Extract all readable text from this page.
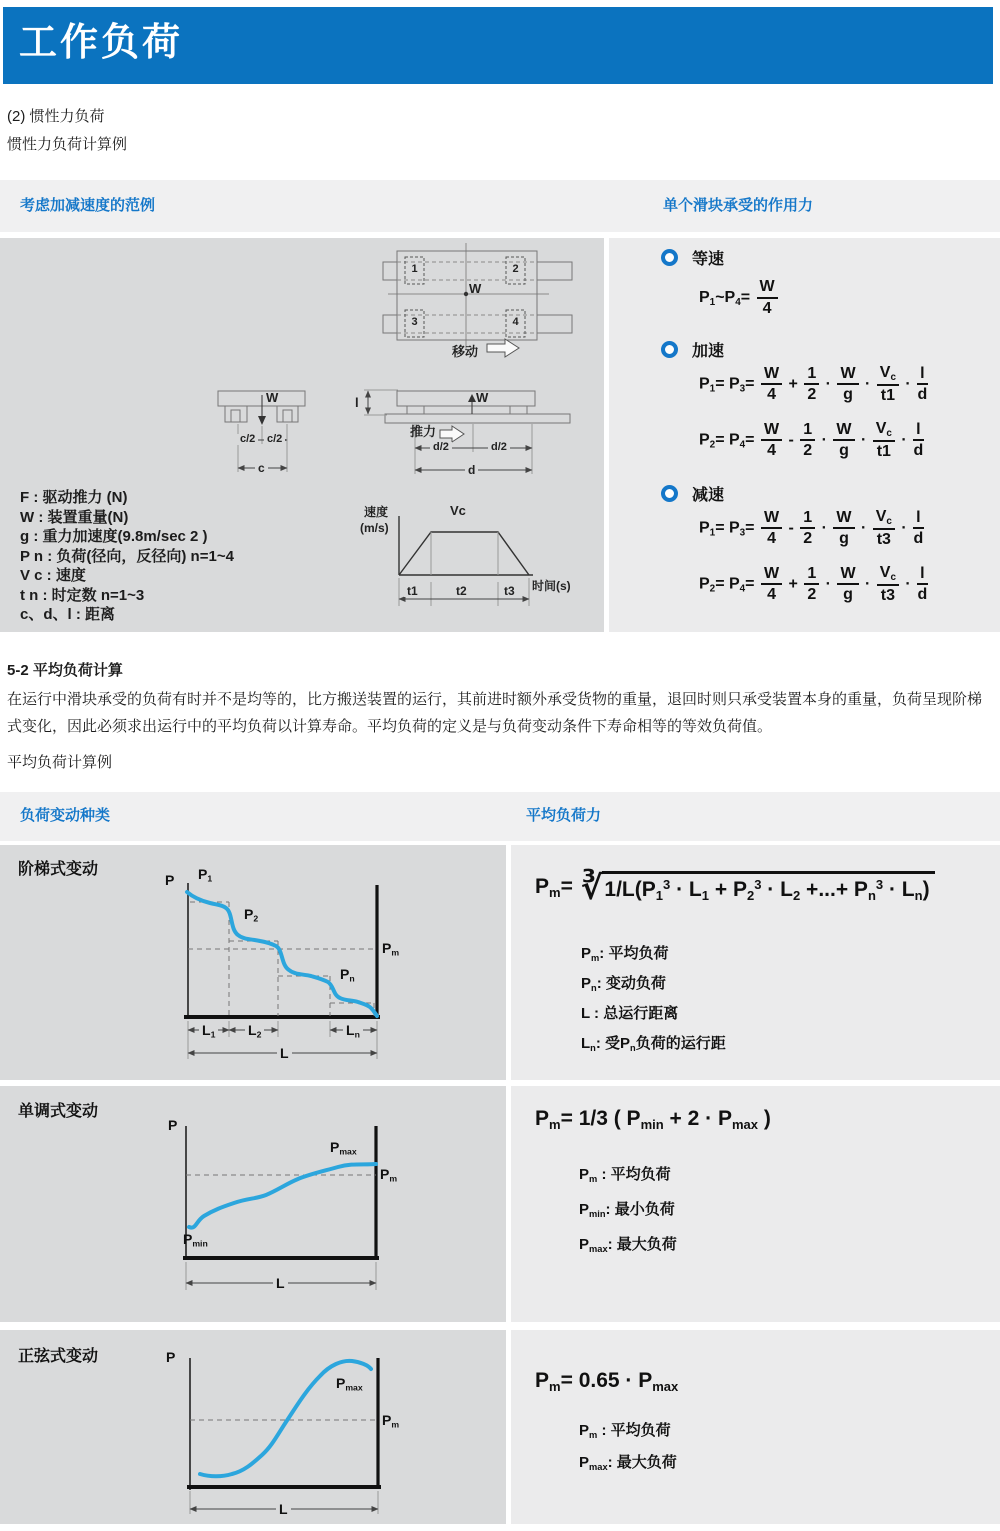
工作负荷
(2) 惯性力负荷
惯性力负荷计算例
考虑加减速度的范例	单个滑块承受的作用力
W
1	2
3	4
移动
W
c/2 c/2
c
l	W
推力
d/2	d/2
d
速度
(m/s)
Vc
时间(s)
t1	t2	t3
F : 驱动推力 (N)
W : 装置重量(N)
g : 重力加速度(9.8m/sec 2 )
P n : 负荷(径向，反径向) n=1~4
V c : 速度
t n : 时定数 n=1~3
c、d、l : 距离
等速
$P_1\sim P_4= \frac{W}{4}$
加速
$P_1= P_3= \frac{W}{4} + \frac{1}{2} \cdot \frac{W}{g} \cdot \frac{V_c}{t1} \cdot \frac{l}{d}$
$P_2= P_4= \frac{W}{4} - \frac{1}{2} \cdot \frac{W}{g} \cdot \frac{V_c}{t1} \cdot \frac{l}{d}$
减速
$P_1= P_3= \frac{W}{4} - \frac{1}{2} \cdot \frac{W}{g} \cdot \frac{V_c}{t3} \cdot \frac{l}{d}$
$P_2= P_4= \frac{W}{4} + \frac{1}{2} \cdot \frac{W}{g} \cdot \frac{V_c}{t3} \cdot \frac{l}{d}$
5-2 平均负荷计算
在运行中滑块承受的负荷有时并不是均等的，比方搬送装置的运行，其前进时额外承受货物的重量，退回时则只承受装置本身的重量，负荷呈现阶梯式变化，因此必须求出运行中的平均负荷以计算寿命。平均负荷的定义是与负荷变动条件下寿命相等的等效负荷值。
平均负荷计算例
负荷变动种类	平均负荷力
阶梯式变动
P $P_1$
$P_2$
$P_n$
$P_m$
$L_1$ $L_2$	$L_n$
L
$P_m=$ ∛ $1/L(P_1^3 \cdot L_1 + P_2^3 \cdot L_2$ +...+ $P_n^3 \cdot L_n$)
$P_m$: 平均负荷
$P_n$: 变动负荷
L : 总运行距离
$L_n$: 受$P_n$负荷的运行距
单调式变动
P
$P_{max}$
$P_m$
$P_{min}$
L
$P_m= 1/3$ ( $P_{min} + 2 \cdot P_{max}$ )
$P_m$ : 平均负荷
$P_{min}$: 最小负荷
$P_{max}$: 最大负荷
正弦式变动	P
$P_{max}$
$P_m$
L
$P_m= 0.65 \cdot P_{max}$
$P_m$ : 平均负荷
$P_{max}$: 最大负荷
